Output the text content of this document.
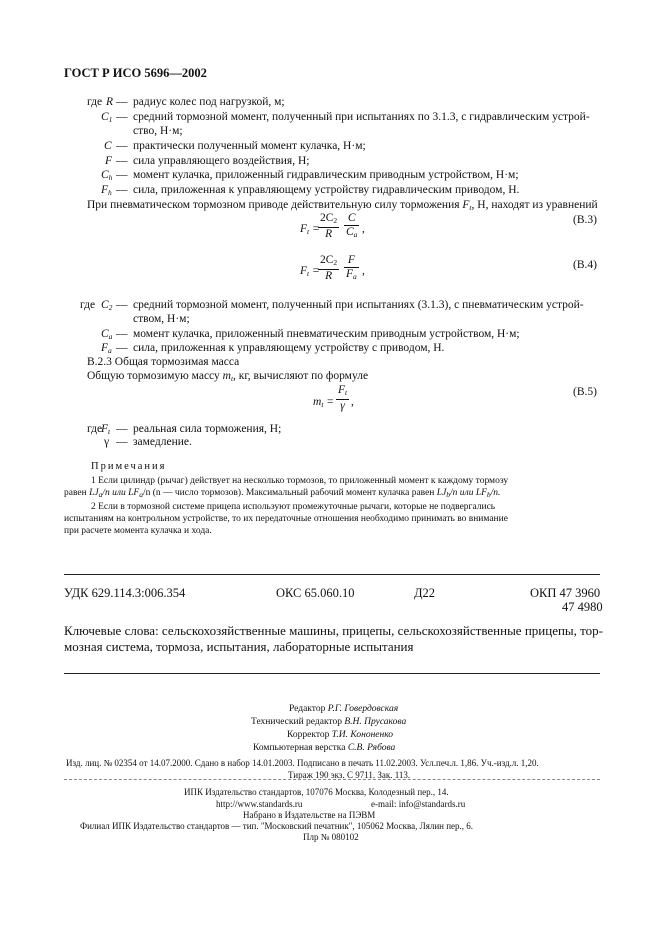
ГОСТ Р ИСО 5696—2002
где R — радиус колес под нагрузкой, м;
$C_1$ — средний тормозной момент, полученный при испытаниях по 3.1.3, с гидравлическим устрой-
ство, Н·м;
C — практически полученный момент кулачка, Н·м;
F — сила управляющего воздействия, Н;
$C_h$ — момент кулачка, приложенный гидравлическим приводным устройством, Н·м;
$F_h$ — сила, приложенная к управляющему устройству гидравлическим приводом, Н.
При пневматическом тормозном приводе действительную силу торможения $F_t$, Н, находят из уравнений
$F_t$ =
$\frac{2C_2}{R} \frac{C}{C_a}$ ,
(B.3)
$F_t$ =
$\frac{2C_2}{R} \frac{F}{F_a}$ ,	(B.4)
где $C_2$ — средний тормозной момент, полученный при испытаниях (3.1.3), с пневматическим устрой-
ством, Н·м;
$C_a$ — момент кулачка, приложенный пневматическим приводным устройством, Н·м;
$F_a$ — сила, приложенная к управляющему устройству с приводом, Н.
B.2.3 Общая тормозимая масса
Общую тормозимую массу $m_t$, кг, вычисляют по формуле
$m_t = \frac{F_t}{\gamma}$ ,
(B.5)
где
$F_t$ — реальная сила торможения, Н;
γ — замедление.
Примечания
1 Если цилиндр (рычаг) действует на несколько тормозов, то приложенный момент к каждому тормозу
равен $LJ_a/n$ или $LF_a/n$ (n — число тормозов). Максимальный рабочий момент кулачка равен $LJ_b/n$ или $LF_b/n$.
2 Если в тормозной системе прицепа используют промежуточные рычаги, которые не подвергались
испытаниям на контрольном устройстве, то их передаточные отношения необходимо принимать во внимание
при расчете момента кулачка и хода.
УДК 629.114.3:006.354	ОКС 65.060.10	Д22	ОКП 47 3960
47 4980
Ключевые слова: сельскохозяйственные машины, прицепы, сельскохозяйственные прицепы, тор-
мозная система, тормоза, испытания, лабораторные испытания
Редактор Р.Г. Говердовская
Технический редактор В.Н. Прусакова
Корректор Т.И. Кононенко
Компьютерная верстка С.В. Рябова
Изд. лиц. № 02354 от 14.07.2000. Сдано в набор 14.01.2003. Подписано в печать 11.02.2003. Усл.печ.л. 1,86. Уч.-изд.л. 1,20.
Тираж 190 экз. С 9711. Зак. 113.
ИПК Издательство стандартов, 107076 Москва, Колодезный пер., 14.
http://www.standards.ru	e-mail: info@standards.ru
Набрано в Издательстве на ПЭВМ
Филиал ИПК Издательство стандартов — тип. "Московский печатник", 105062 Москва, Лялин пер., 6.
Плр № 080102
